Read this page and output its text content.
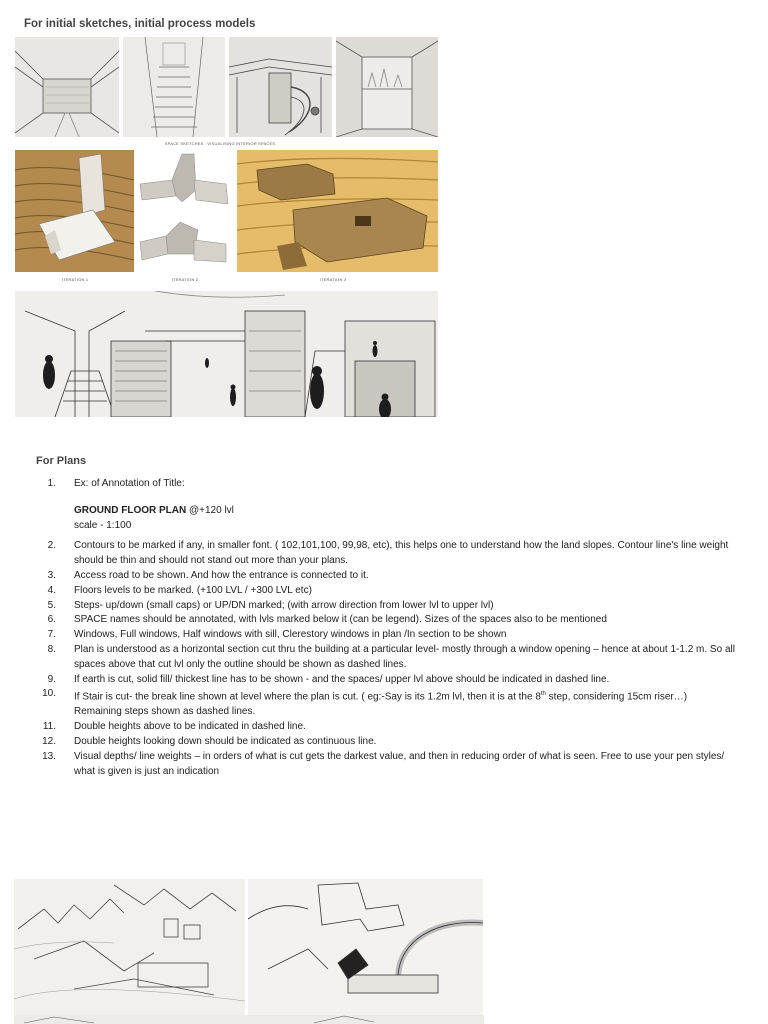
For initial sketches, initial process models
SPACE SKETCHES : VISUALISING INTERIOR SPACES
ITERATION 1	ITERATION 2	ITERATION 3
For Plans
1. Ex: of Annotation of Title:
GROUND FLOOR PLAN @+120 lvl
scale - 1:100
2. Contours to be marked if any, in smaller font. ( 102,101,100, 99,98, etc), this helps one to understand how the land slopes. Contour line's line weight should be thin and should not stand out more than your plans.
3. Access road to be shown. And how the entrance is connected to it.
4. Floors levels to be marked. (+100 LVL / +300 LVL etc)
5. Steps- up/down (small caps) or UP/DN marked; (with arrow direction from lower lvl to upper lvl)
6. SPACE names should be annotated, with lvls marked below it (can be legend). Sizes of the spaces also to be mentioned
7. Windows, Full windows, Half windows with sill, Clerestory windows in plan /In section to be shown
8. Plan is understood as a horizontal section cut thru the building at a particular level- mostly through a window opening – hence at about 1-1.2 m. So all spaces above that cut lvl only the outline should be shown as dashed lines.
9. If earth is cut, solid fill/ thickest line has to be shown - and the spaces/ upper lvl above should be indicated in dashed line.
10. If Stair is cut- the break line shown at level where the plan is cut. ( eg:-Say is its 1.2m lvl, then it is at the 8th step, considering 15cm riser…) Remaining steps shown as dashed lines.
11. Double heights above to be indicated in dashed line.
12. Double heights looking down should be indicated as continuous line.
13. Visual depths/ line weights – in orders of what is cut gets the darkest value, and then in reducing order of what is seen. Free to use your pen styles/ what is given is just an indication
